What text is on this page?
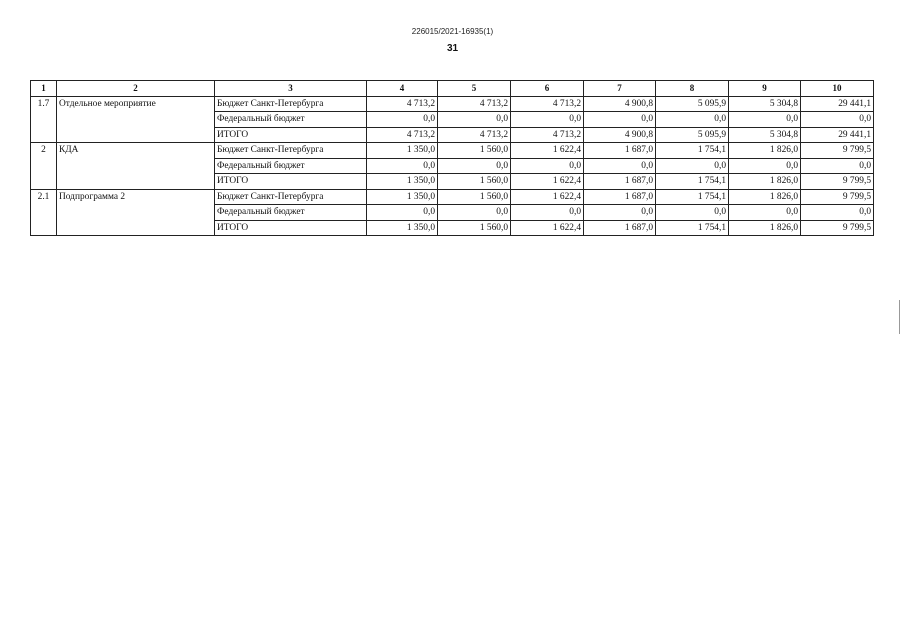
226015/2021-16935(1)
31
1	2	3	4	5	6	7	8	9	10
1.7	Отдельное мероприятие	Бюджет Санкт-Петербурга	4 713,2	4 713,2	4 713,2	4 900,8	5 095,9	5 304,8	29 441,1
		Федеральный бюджет	0,0	0,0	0,0	0,0	0,0	0,0	0,0
		ИТОГО	4 713,2	4 713,2	4 713,2	4 900,8	5 095,9	5 304,8	29 441,1
2	КДА	Бюджет Санкт-Петербурга	1 350,0	1 560,0	1 622,4	1 687,0	1 754,1	1 826,0	9 799,5
		Федеральный бюджет	0,0	0,0	0,0	0,0	0,0	0,0	0,0
		ИТОГО	1 350,0	1 560,0	1 622,4	1 687,0	1 754,1	1 826,0	9 799,5
2.1	Подпрограмма 2	Бюджет Санкт-Петербурга	1 350,0	1 560,0	1 622,4	1 687,0	1 754,1	1 826,0	9 799,5
		Федеральный бюджет	0,0	0,0	0,0	0,0	0,0	0,0	0,0
		ИТОГО	1 350,0	1 560,0	1 622,4	1 687,0	1 754,1	1 826,0	9 799,5
